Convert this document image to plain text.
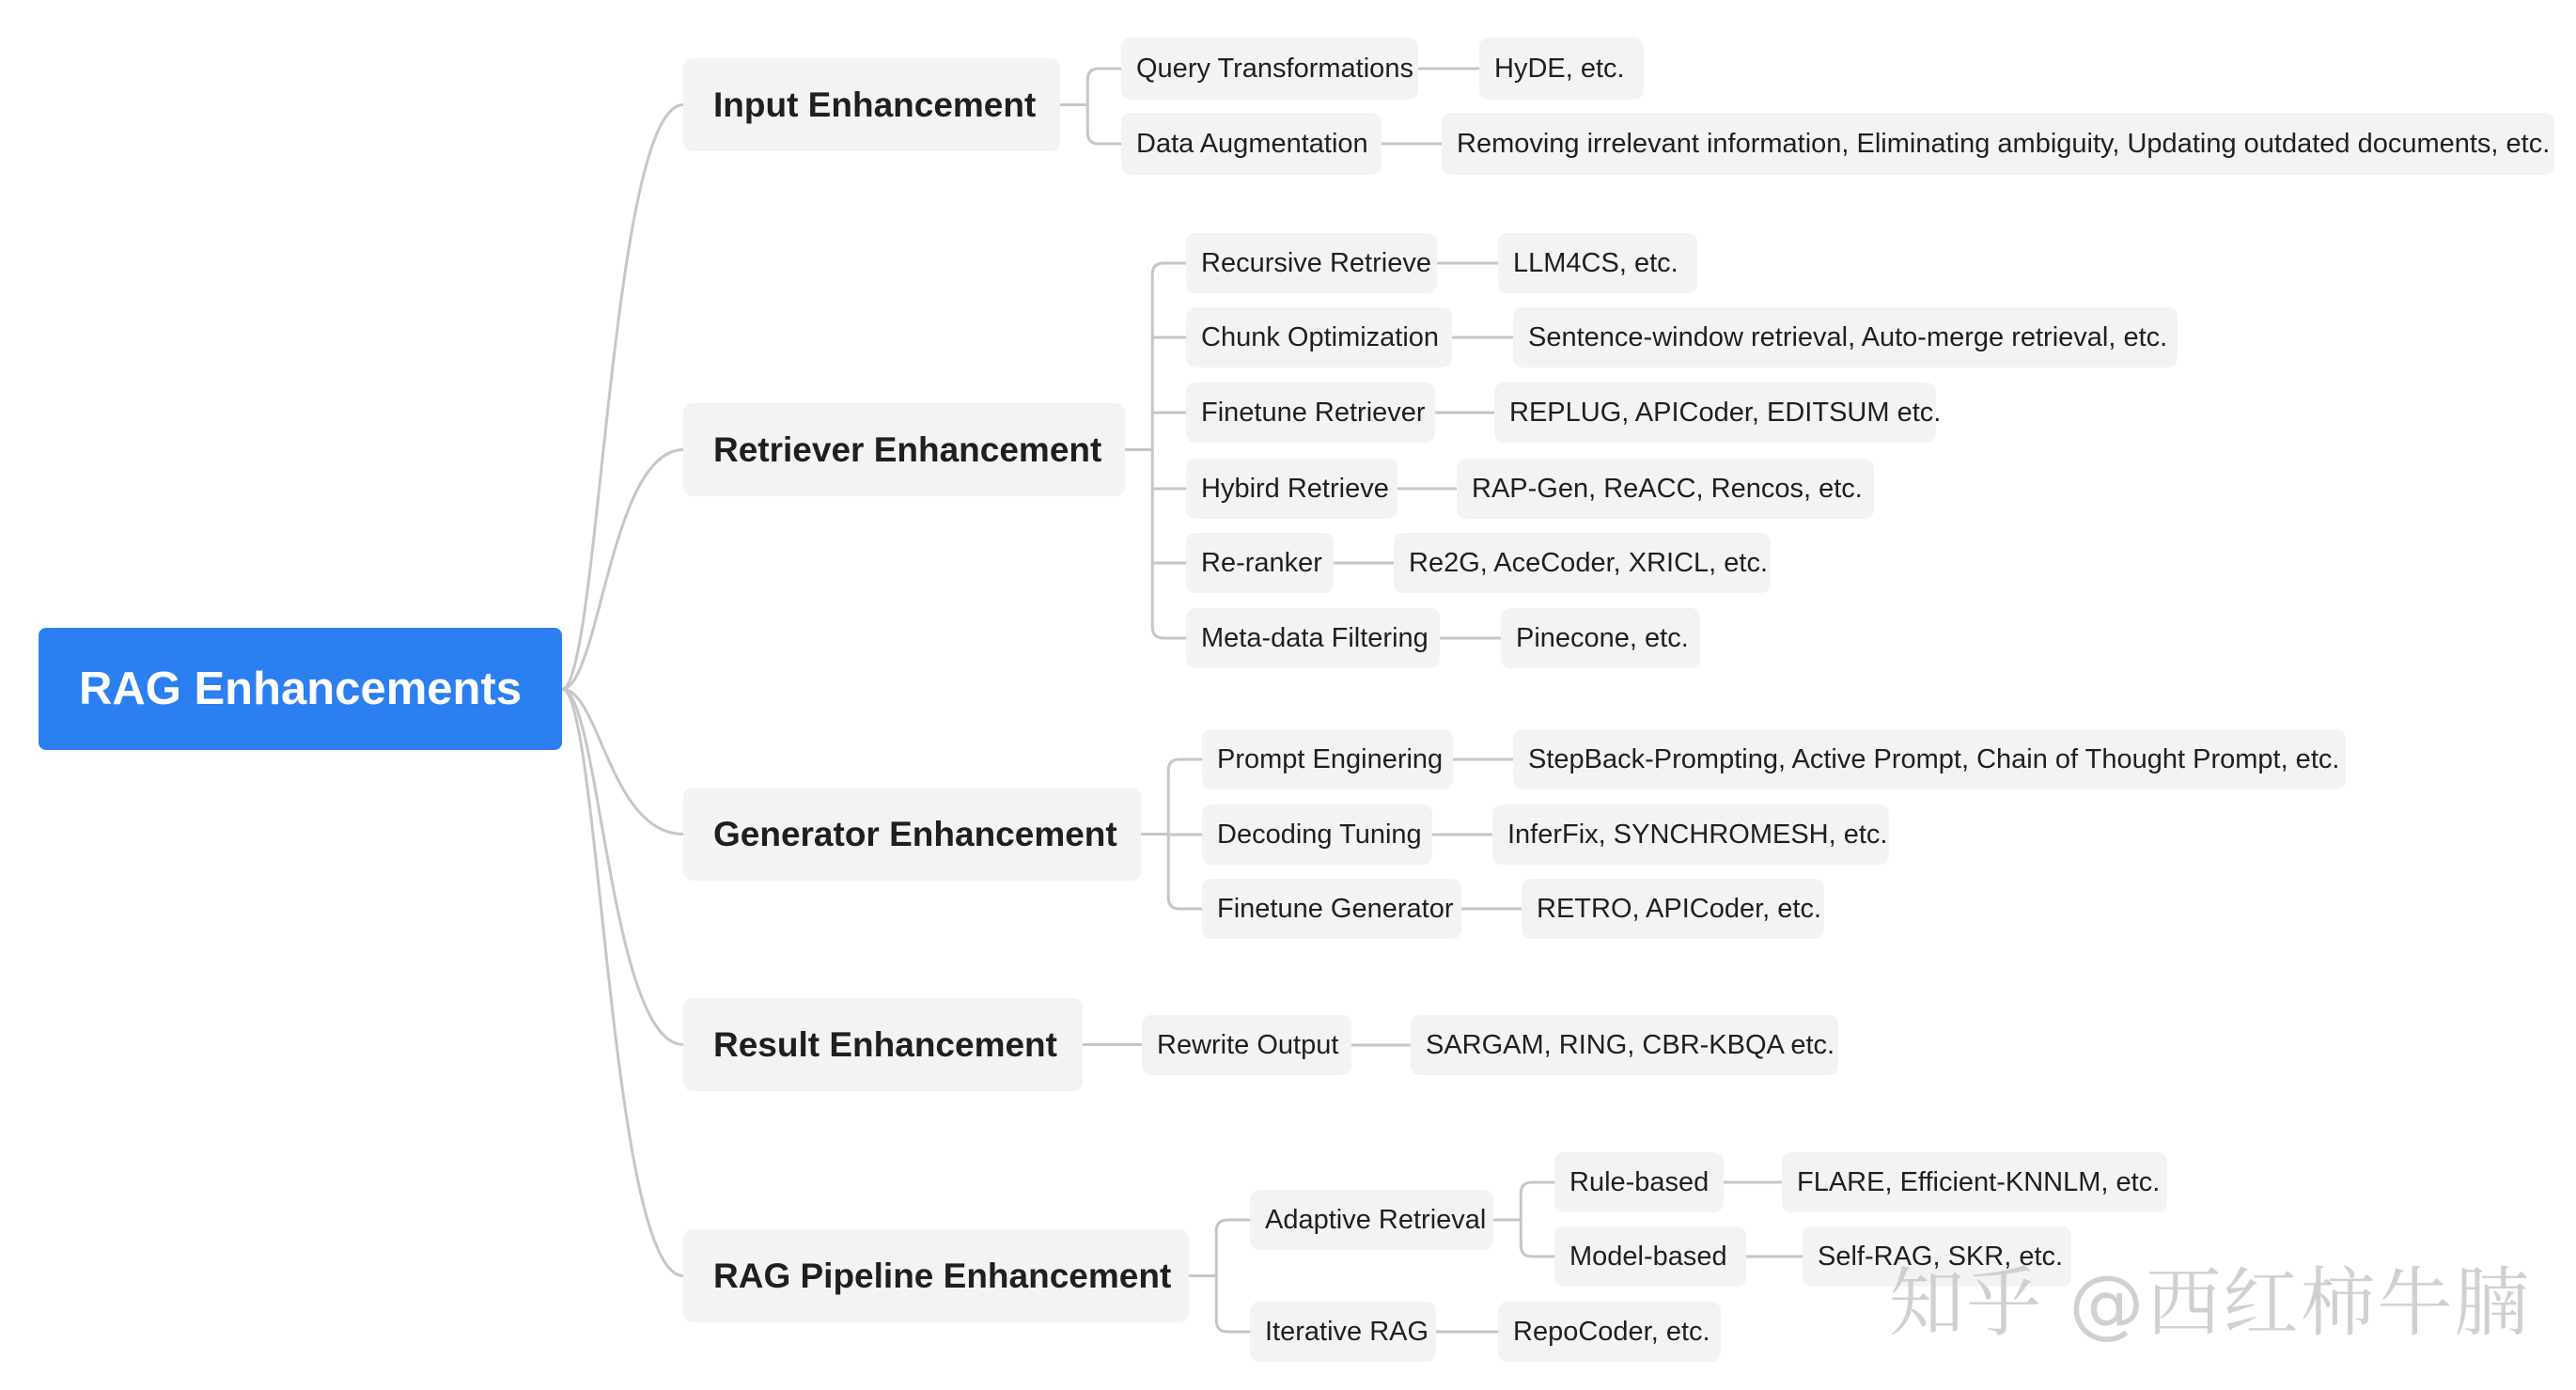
RAG Enhancements
Input Enhancement
Query Transformations	HyDE, etc.
Data Augmentation	Removing irrelevant information, Eliminating ambiguity, Updating outdated documents, etc.
Retriever Enhancement
Recursive Retrieve	LLM4CS, etc.
Chunk Optimization	Sentence-window retrieval, Auto-merge retrieval, etc.
Finetune Retriever	REPLUG, APICoder, EDITSUM etc.
Hybird Retrieve	RAP-Gen, ReACC, Rencos, etc.
Re-ranker	Re2G, AceCoder, XRICL, etc.
Meta-data Filtering	Pinecone, etc.
Generator Enhancement
Prompt Enginering	StepBack-Prompting, Active Prompt, Chain of Thought Prompt, etc.
Decoding Tuning	InferFix, SYNCHROMESH, etc.
Finetune Generator	RETRO, APICoder, etc.
Result Enhancement	Rewrite Output	SARGAM, RING, CBR-KBQA etc.
RAG Pipeline Enhancement
Adaptive Retrieval
Rule-based	FLARE, Efficient-KNNLM, etc.
Model-based	Self-RAG, SKR, etc.
Iterative RAG	RepoCoder, etc. 知乎 @西红柿牛腩
